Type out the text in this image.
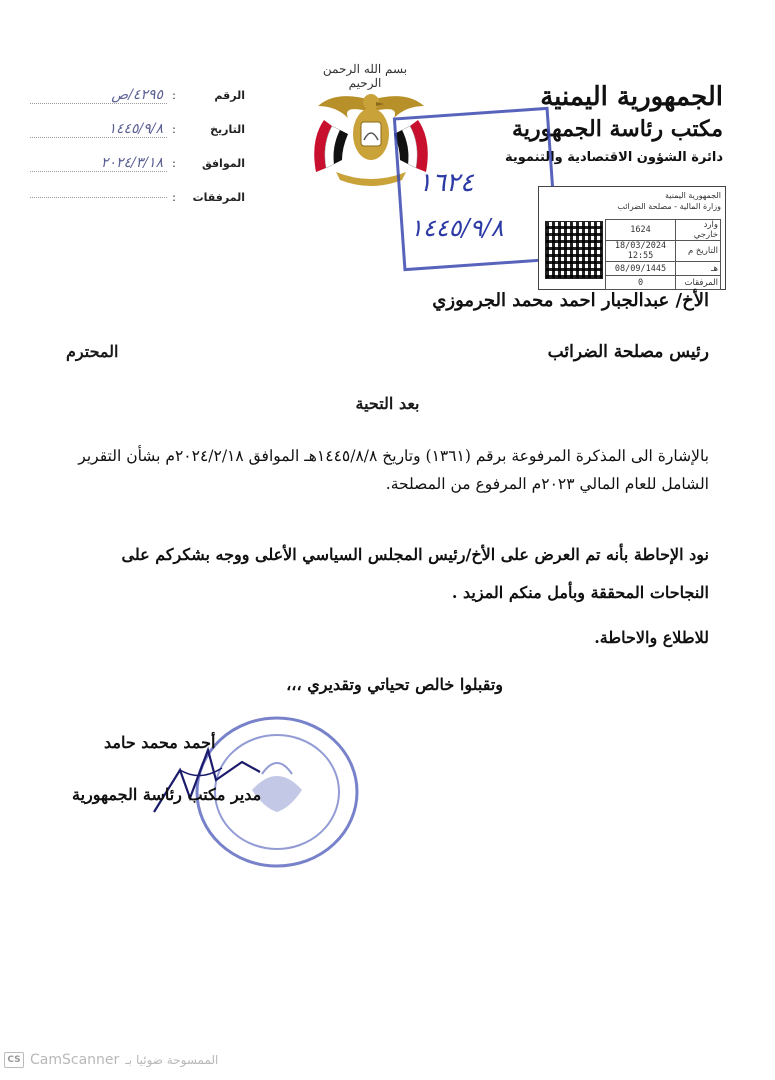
الرقم
:
٤٢٩٥/ص
التاريخ
:
١٤٤٥/٩/٨
الموافق
:
٢٠٢٤/٣/١٨
المرفقات
:
بسم الله الرحمن الرحيم	الجمهورية اليمنية
مكتب رئاسة الجمهورية
دائرة الشؤون الاقتصادية والتنموية
١٦٢٤
١٤٤٥/٩/٨
الجمهورية اليمنية
وزارة المالية - مصلحة الضرائب
1624	وارد خارجي
18/03/2024 12:55	التاريخ م
08/09/1445	هـ
0	المرفقات
الأخ/ عبدالجبار احمد محمد الجرموزي
رئيس مصلحة الضرائب
المحترم
بعد التحية
بالإشارة الى المذكرة المرفوعة برقم (١٣٦١) وتاريخ ١٤٤٥/٨/٨هـ الموافق ٢٠٢٤/٢/١٨م بشأن التقرير الشامل للعام المالي ٢٠٢٣م المرفوع من المصلحة.
نود الإحاطة بأنه تم العرض على الأخ/رئيس المجلس السياسي الأعلى ووجه بشكركم على النجاحات المحققة وبأمل منكم المزيد .
للاطلاع والاحاطة.
وتقبلوا خالص تحياتي وتقديري ،،،
أحمد محمد حامد
مدير مكتب رئاسة الجمهورية
CS CamScanner الممسوحة ضوئيا بـ
